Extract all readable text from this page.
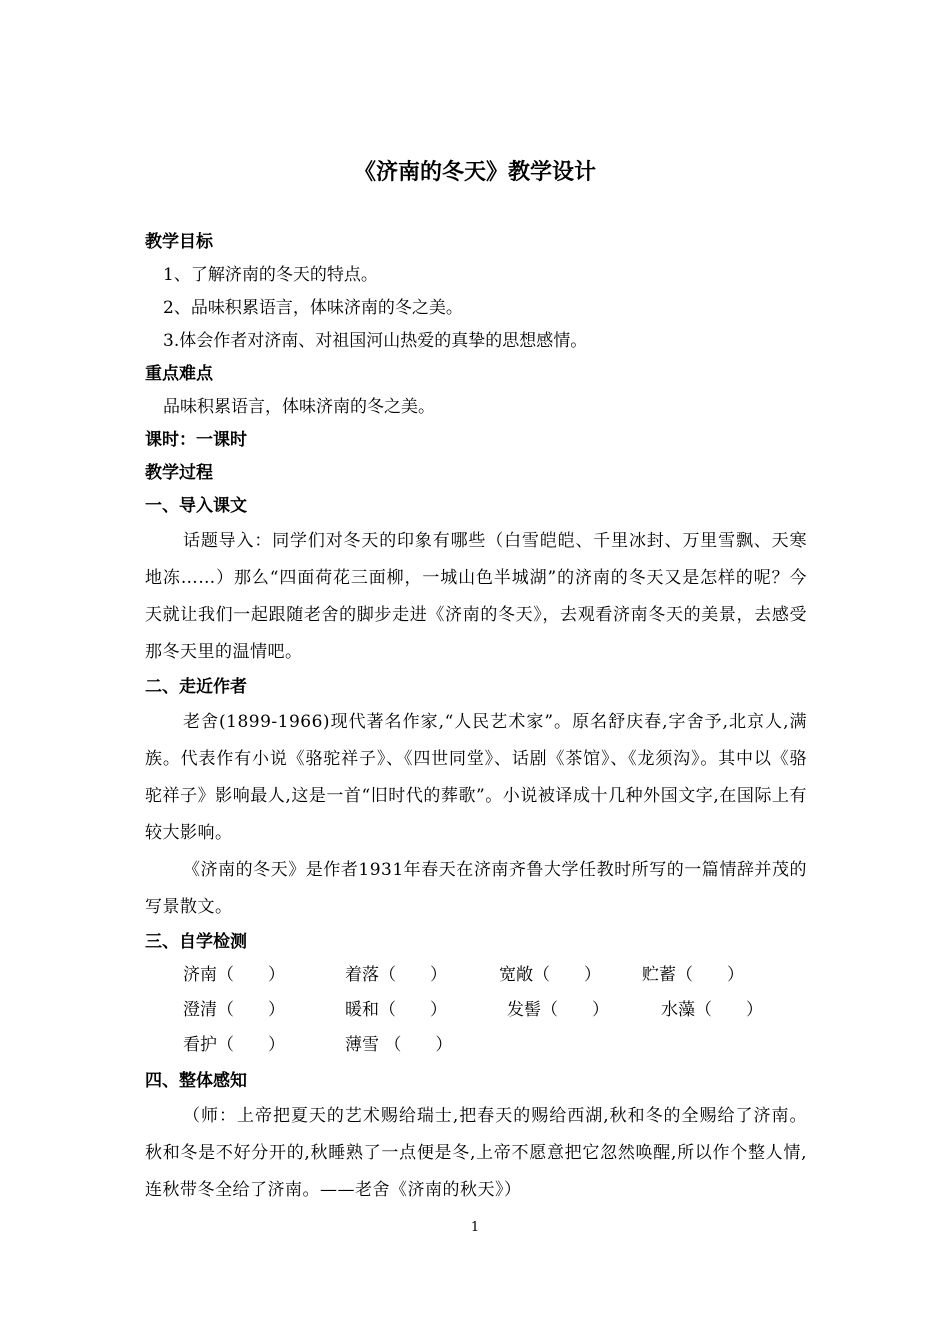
《济南的冬天》教学设计
教学目标
1、了解济南的冬天的特点。
2、品味积累语言，体味济南的冬之美。
3.体会作者对济南、对祖国河山热爱的真挚的思想感情。
重点难点
品味积累语言，体味济南的冬之美。
课时：一课时
教学过程
一、导入课文
话题导入：同学们对冬天的印象有哪些（白雪皑皑、千里冰封、万里雪飘、天寒地冻……）那么“四面荷花三面柳，一城山色半城湖”的济南的冬天又是怎样的呢？今天就让我们一起跟随老舍的脚步走进《济南的冬天》，去观看济南冬天的美景，去感受那冬天里的温情吧。
二、走近作者
老舍(1899-1966)现代著名作家,“人民艺术家”。原名舒庆春,字舍予,北京人,满族。代表作有小说《骆驼祥子》、《四世同堂》、话剧《茶馆》、《龙须沟》。其中以《骆驼祥子》影响最人,这是一首“旧时代的葬歌”。小说被译成十几种外国文字,在国际上有较大影响。
《济南的冬天》是作者1931年春天在济南齐鲁大学任教时所写的一篇情辞并茂的写景散文。
三、自学检测
济南（　　）	着落（　　）	宽敞（　　） 贮蓄（　　）
澄清（　　）	暖和（　　）	发髻（　　）	水藻（　　）
看护（　　）	薄雪 （　　）
四、整体感知
（师：上帝把夏天的艺术赐给瑞士,把春天的赐给西湖,秋和冬的全赐给了济南。秋和冬是不好分开的,秋睡熟了一点便是冬,上帝不愿意把它忽然唤醒,所以作个整人情,连秋带冬全给了济南。——老舍《济南的秋天》）
1
